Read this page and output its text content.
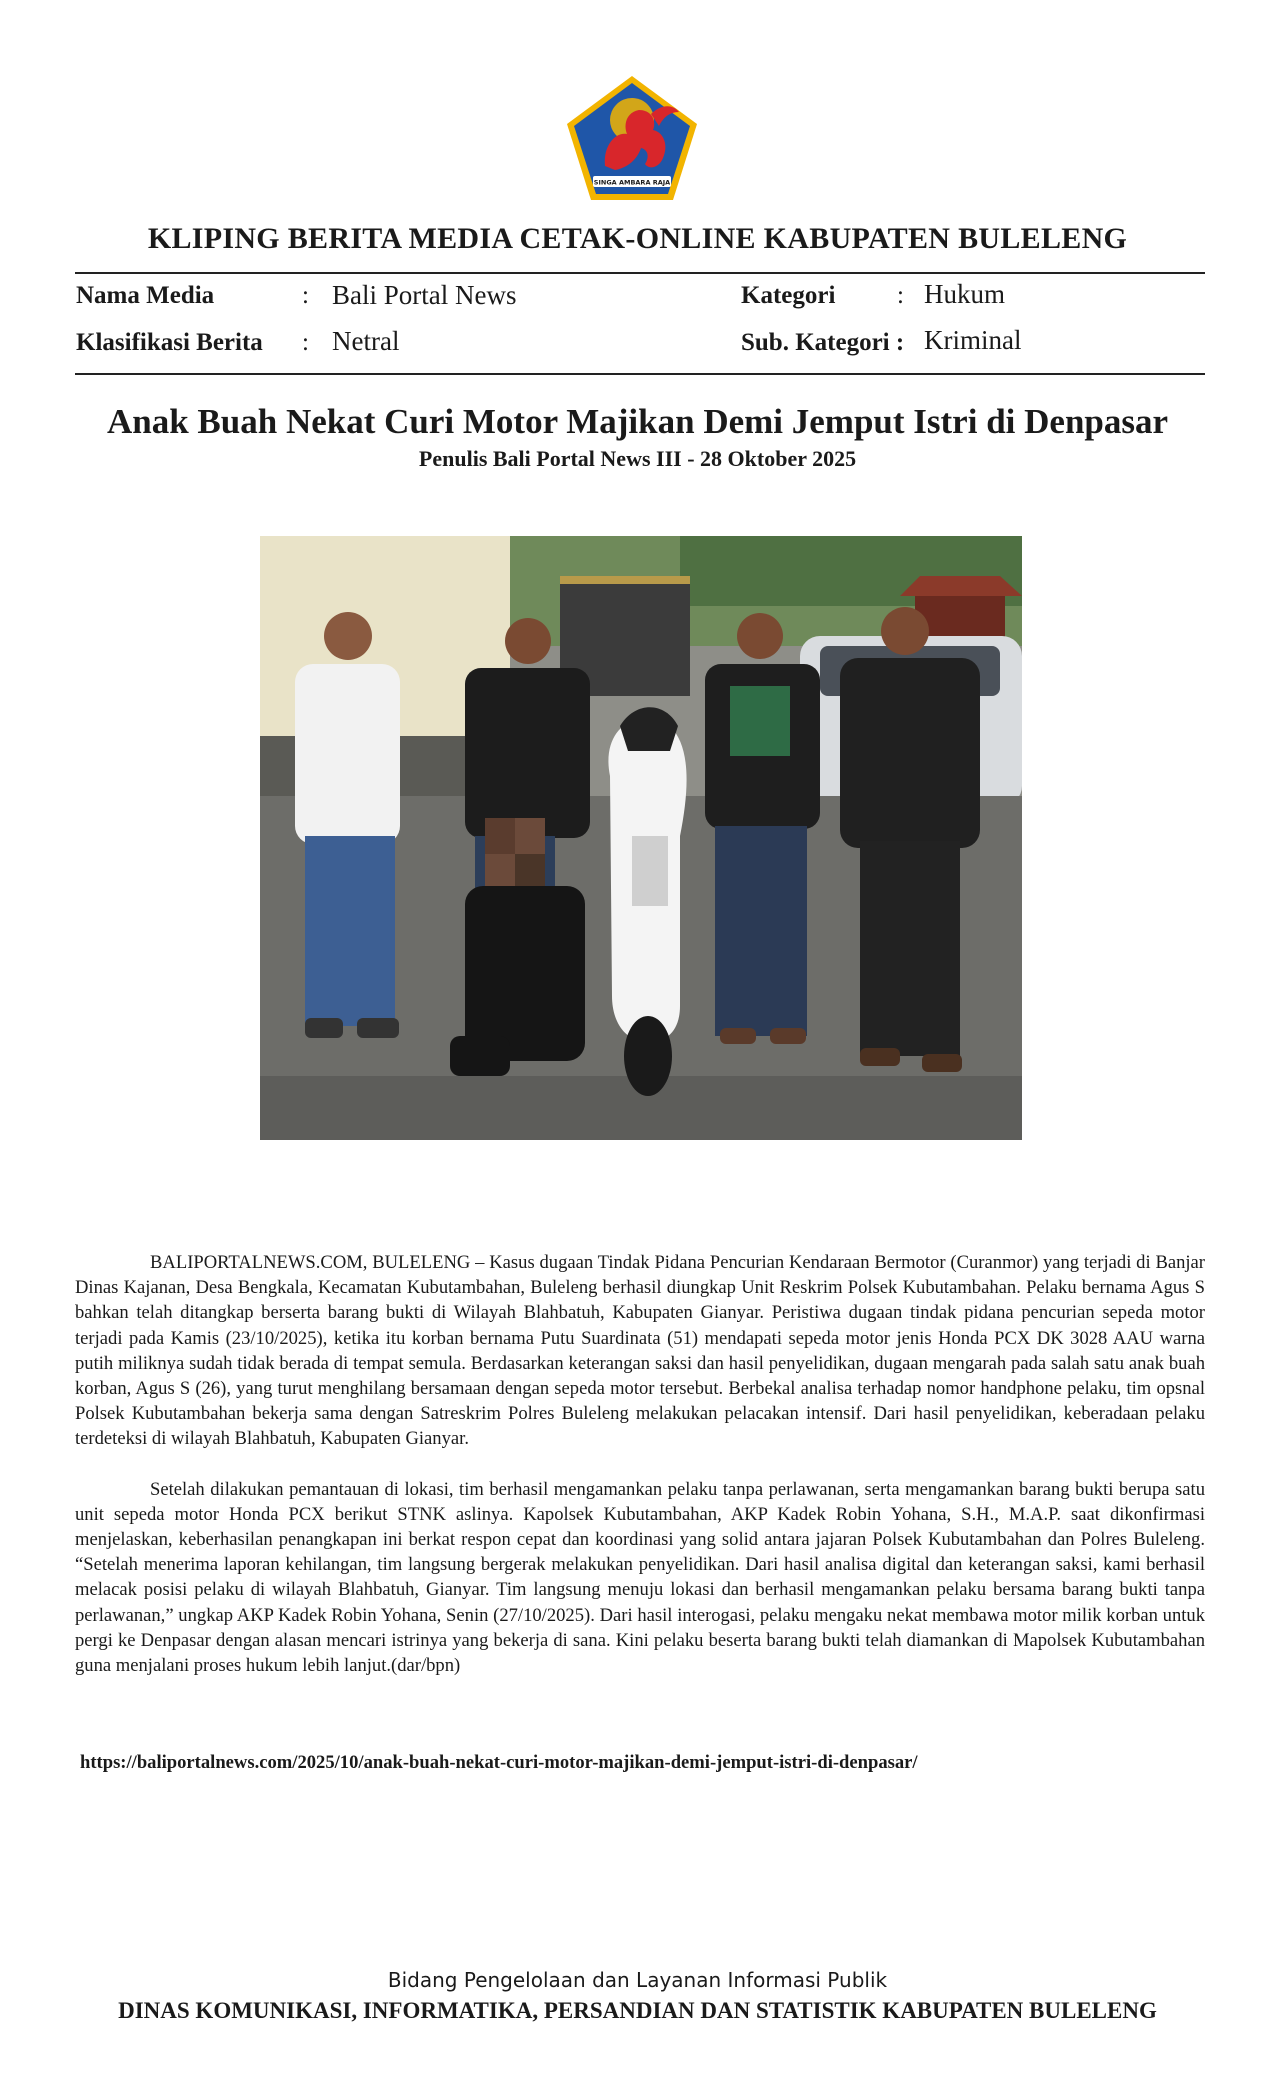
SINGA AMBARA RAJA
KLIPING BERITA MEDIA CETAK-ONLINE KABUPATEN BULELENG
Nama Media	: Bali Portal News	Kategori : Hukum
Klasifikasi Berita : Netral	Sub. Kategori : Kriminal
Anak Buah Nekat Curi Motor Majikan Demi Jemput Istri di Denpasar
Penulis Bali Portal News III - 28 Oktober 2025

BALIPORTALNEWS.COM, BULELENG – Kasus dugaan Tindak Pidana Pencurian Kendaraan Bermotor (Curanmor) yang terjadi di Banjar Dinas Kajanan, Desa Bengkala, Kecamatan Kubutambahan, Buleleng berhasil diungkap Unit Reskrim Polsek Kubutambahan. Pelaku bernama Agus S bahkan telah ditangkap berserta barang bukti di Wilayah Blahbatuh, Kabupaten Gianyar. Peristiwa dugaan tindak pidana pencurian sepeda motor terjadi pada Kamis (23/10/2025), ketika itu korban bernama Putu Suardinata (51) mendapati sepeda motor jenis Honda PCX DK 3028 AAU warna putih miliknya sudah tidak berada di tempat semula. Berdasarkan keterangan saksi dan hasil penyelidikan, dugaan mengarah pada salah satu anak buah korban, Agus S (26), yang turut menghilang bersamaan dengan sepeda motor tersebut. Berbekal analisa terhadap nomor handphone pelaku, tim opsnal Polsek Kubutambahan bekerja sama dengan Satreskrim Polres Buleleng melakukan pelacakan intensif. Dari hasil penyelidikan, keberadaan pelaku terdeteksi di wilayah Blahbatuh, Kabupaten Gianyar.

Setelah dilakukan pemantauan di lokasi, tim berhasil mengamankan pelaku tanpa perlawanan, serta mengamankan barang bukti berupa satu unit sepeda motor Honda PCX berikut STNK aslinya. Kapolsek Kubutambahan, AKP Kadek Robin Yohana, S.H., M.A.P. saat dikonfirmasi menjelaskan, keberhasilan penangkapan ini berkat respon cepat dan koordinasi yang solid antara jajaran Polsek Kubutambahan dan Polres Buleleng. “Setelah menerima laporan kehilangan, tim langsung bergerak melakukan penyelidikan. Dari hasil analisa digital dan keterangan saksi, kami berhasil melacak posisi pelaku di wilayah Blahbatuh, Gianyar. Tim langsung menuju lokasi dan berhasil mengamankan pelaku bersama barang bukti tanpa perlawanan,” ungkap AKP Kadek Robin Yohana, Senin (27/10/2025). Dari hasil interogasi, pelaku mengaku nekat membawa motor milik korban untuk pergi ke Denpasar dengan alasan mencari istrinya yang bekerja di sana. Kini pelaku beserta barang bukti telah diamankan di Mapolsek Kubutambahan guna menjalani proses hukum lebih lanjut.(dar/bpn)

https://baliportalnews.com/2025/10/anak-buah-nekat-curi-motor-majikan-demi-jemput-istri-di-denpasar/
Bidang Pengelolaan dan Layanan Informasi Publik
DINAS KOMUNIKASI, INFORMATIKA, PERSANDIAN DAN STATISTIK KABUPATEN BULELENG
